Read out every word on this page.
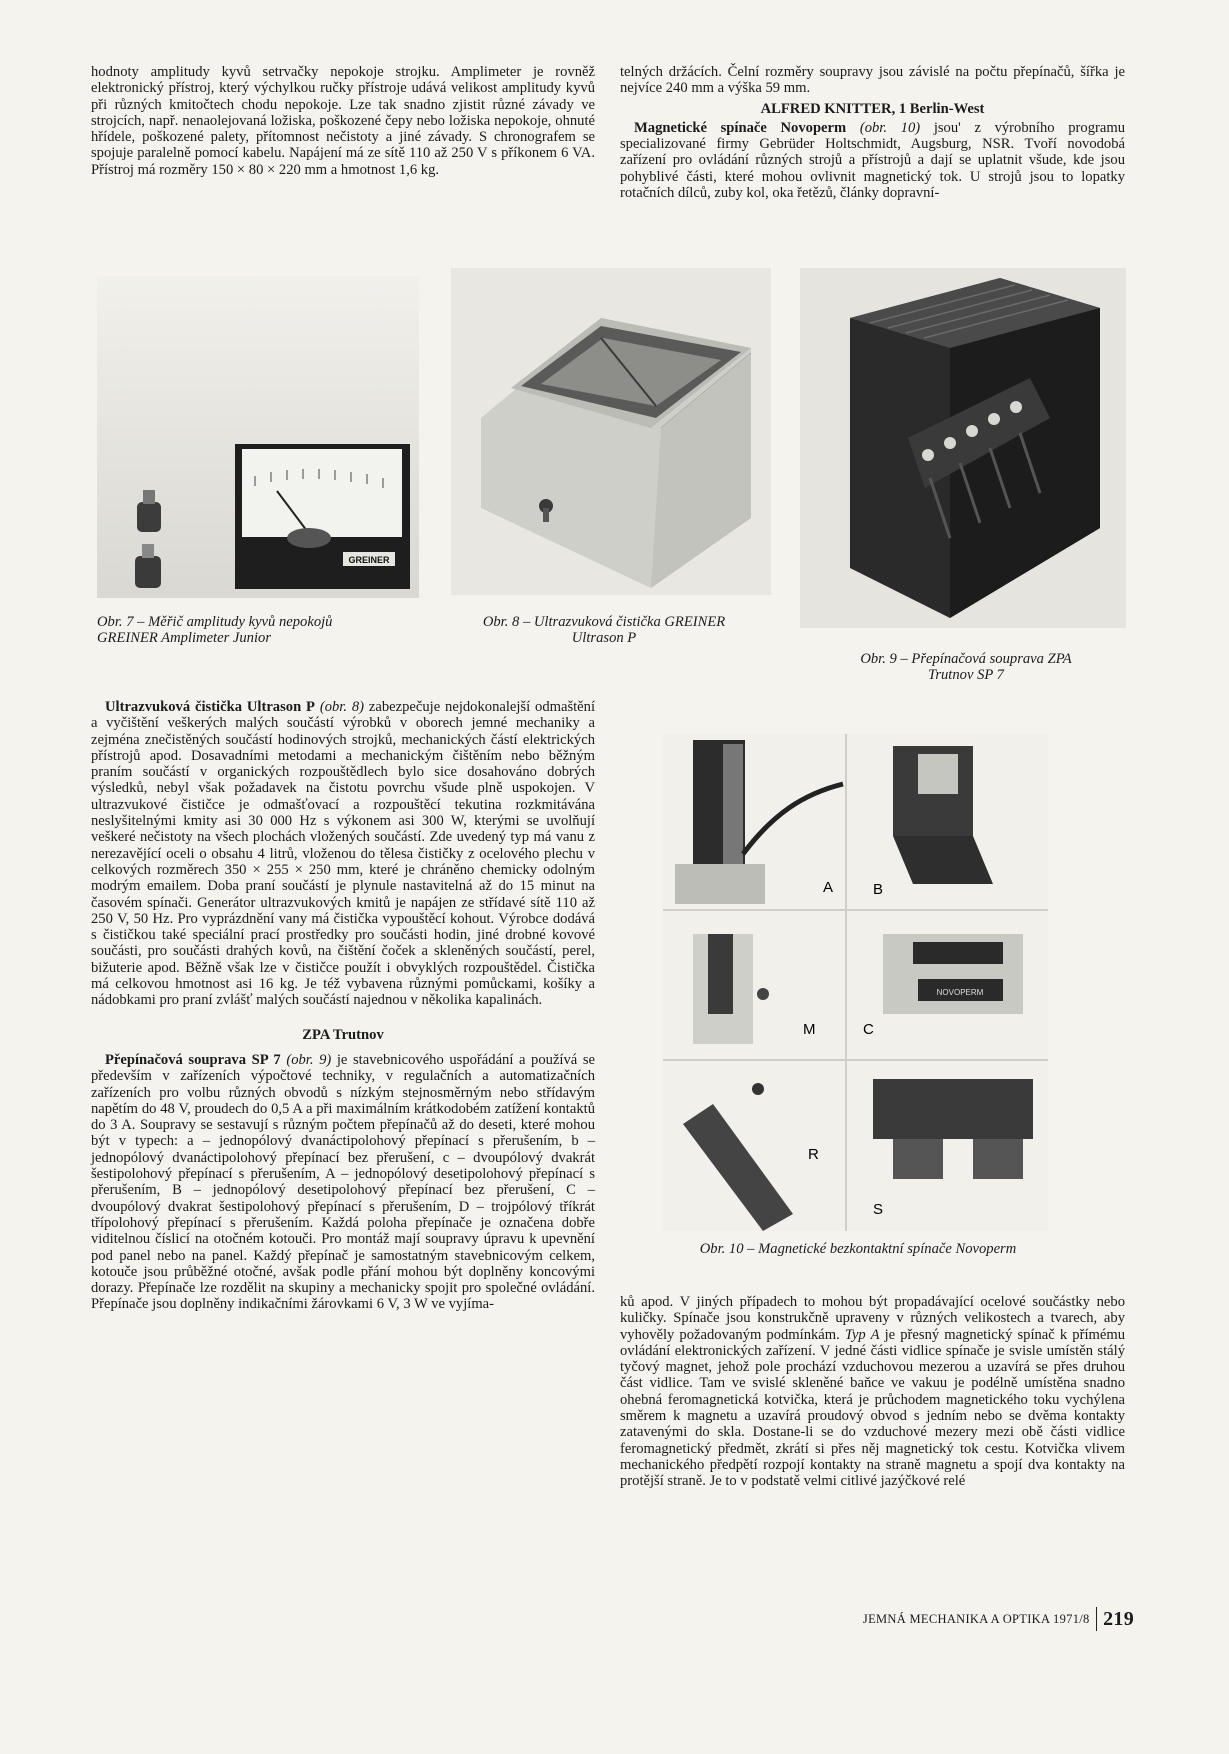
hodnoty amplitudy kyvů setrvačky nepokoje strojku. Amplimeter je rovněž elektronický přístroj, který výchylkou ručky přístroje udává velikost amplitudy kyvů při různých kmitočtech chodu nepokoje. Lze tak snadno zjistit různé závady ve strojcích, např. nenaolejovaná ložiska, poškozené čepy nebo ložiska nepokoje, ohnuté hřídele, poškozené palety, přítomnost nečistoty a jiné závady. S chronografem se spojuje paralelně pomocí kabelu. Napájení má ze sítě 110 až 250 V s příkonem 6 VA. Přístroj má rozměry 150 × 80 × 220 mm a hmotnost 1,6 kg.

telných držácích. Čelní rozměry soupravy jsou závislé na počtu přepínačů, šířka je nejvíce 240 mm a výška 59 mm.

ALFRED KNITTER, 1 Berlin-West

Magnetické spínače Novoperm (obr. 10) jsou' z výrobního programu specializované firmy Gebrüder Holtschmidt, Augsburg, NSR. Tvoří novodobá zařízení pro ovládání různých strojů a přístrojů a dají se uplatnit všude, kde jsou pohyblivé části, které mohou ovlivnit magnetický tok. U strojů jsou to lopatky rotačních dílců, zuby kol, oka řetězů, články dopravní-

GREINER
Obr. 7 – Měřič amplitudy kyvů nepokojů
GREINER Amplimeter Junior
Obr. 8 – Ultrazvuková čistička GREINER
Ultrason P
Obr. 9 – Přepínačová souprava ZPA
Trutnov SP 7

Ultrazvuková čistička Ultrason P (obr. 8) zabezpečuje nejdokonalejší odmaštění a vyčištění veškerých malých součástí výrobků v oborech jemné mechaniky a zejména znečistěných součástí hodinových strojků, mechanických částí elektrických přístrojů apod. Dosavadními metodami a mechanickým čištěním nebo běžným praním součástí v organických rozpouštědlech bylo sice dosahováno dobrých výsledků, nebyl však požadavek na čistotu povrchu všude plně uspokojen. V ultrazvukové čističce je odmašťovací a rozpouštěcí tekutina rozkmitávána neslyšitelnými kmity asi 30 000 Hz s výkonem asi 300 W, kterými se uvolňují veškeré nečistoty na všech plochách vložených součástí. Zde uvedený typ má vanu z nerezavějící oceli o obsahu 4 litrů, vloženou do tělesa čističky z ocelového plechu v celkových rozměrech 350 × 255 × 250 mm, které je chráněno chemicky odolným modrým emailem. Doba praní součástí je plynule nastavitelná až do 15 minut na časovém spínači. Generátor ultrazvukových kmitů je napájen ze střídavé sítě 110 až 250 V, 50 Hz. Pro vyprázdnění vany má čistička vypouštěcí kohout. Výrobce dodává s čističkou také speciální prací prostředky pro součásti hodin, jiné drobné kovové součásti, pro součásti drahých kovů, na čištění čoček a skleněných součástí, perel, bižuterie apod. Běžně však lze v čističce použít i obvyklých rozpouštědel. Čistička má celkovou hmotnost asi 16 kg. Je též vybavena různými pomůckami, košíky a nádobkami pro praní zvlášť malých součástí najednou v několika kapalinách.

ZPA Trutnov

Přepínačová souprava SP 7 (obr. 9) je stavebnicového uspořádání a používá se především v zařízeních výpočtové techniky, v regulačních a automatizačních zařízeních pro volbu různých obvodů s nízkým stejnosměrným nebo střídavým napětím do 48 V, proudech do 0,5 A a při maximálním krátkodobém zatížení kontaktů do 3 A. Soupravy se sestavují s různým počtem přepínačů až do deseti, které mohou být v typech: a – jednopólový dvanáctipolohový přepínací s přerušením, b – jednopólový dvanáctipolohový přepínací bez přerušení, c – dvoupólový dvakrát šestipolohový přepínací s přerušením, A – jednopólový desetipolohový přepínací s přerušením, B – jednopólový desetipolohový přepínací bez přerušení, C – dvoupólový dvakrat šestipolohový přepínací s přerušením, D – trojpólový tříkrát třípolohový přepínací s přerušením. Každá poloha přepínače je označena dobře viditelnou číslicí na otočném kotouči. Pro montáž mají soupravy úpravu k upevnění pod panel nebo na panel. Každý přepínač je samostatným stavebnicovým celkem, kotouče jsou průběžné otočné, avšak podle přání mohou být doplněny koncovými dorazy. Přepínače lze rozdělit na skupiny a mechanicky spojit pro společné ovládání. Přepínače jsou doplněny indikačními žárovkami 6 V, 3 W ve vyjíma-

A	B
M
NOVOPERM
C
R
S
Obr. 10 – Magnetické bezkontaktní spínače Novoperm

ků apod. V jiných případech to mohou být propadávající ocelové součástky nebo kuličky. Spínače jsou konstrukčně upraveny v různých velikostech a tvarech, aby vyhověly požadovaným podmínkám. Typ A je přesný magnetický spínač k přímému ovládání elektronických zařízení. V jedné části vidlice spínače je svisle umístěn stálý tyčový magnet, jehož pole prochází vzduchovou mezerou a uzavírá se přes druhou část vidlice. Tam ve svislé skleněné baňce ve vakuu je podélně umístěna snadno ohebná feromagnetická kotvička, která je průchodem magnetického toku vychýlena směrem k magnetu a uzavírá proudový obvod s jedním nebo se dvěma kontakty zatavenými do skla. Dostane-li se do vzduchové mezery mezi obě části vidlice feromagnetický předmět, zkrátí si přes něj magnetický tok cestu. Kotvička vlivem mechanického předpětí rozpojí kontakty na straně magnetu a spojí dva kontakty na protější straně. Je to v podstatě velmi citlivé jazýčkové relé

JEMNÁ MECHANIKA A OPTIKA 1971/8 219
